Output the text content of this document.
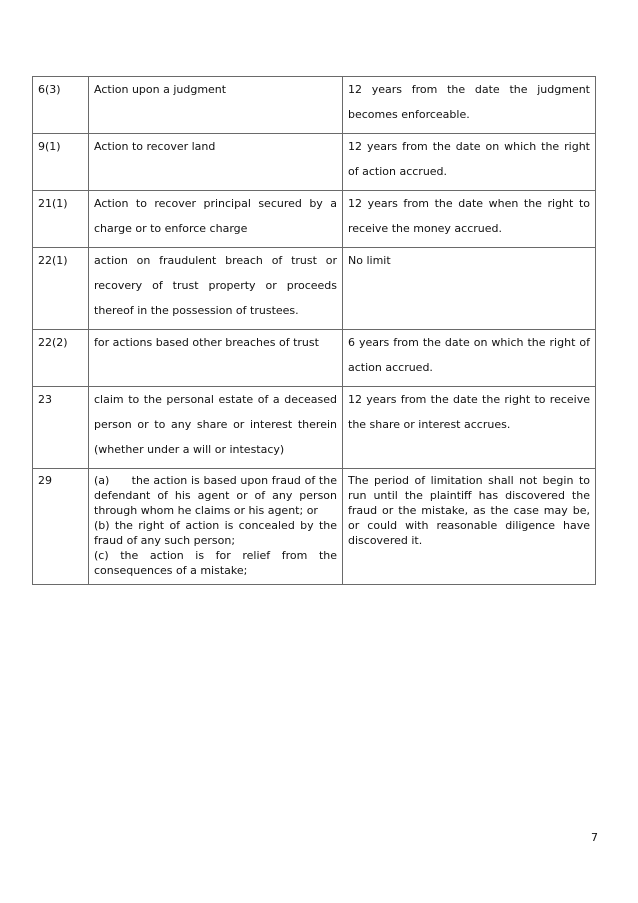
6(3)	Action upon a judgment	12 years from the date the judgment becomes enforceable.
9(1)	Action to recover land	12 years from the date on which the right of action accrued.
21(1)	Action to recover principal secured by a charge or to enforce charge	12 years from the date when the right to receive the money accrued.
22(1)	action on fraudulent breach of trust or recovery of trust property or proceeds thereof in the possession of trustees.	No limit
22(2)	for actions based other breaches of trust	6 years from the date on which the right of action accrued.
23	claim to the personal estate of a deceased person or to any share or interest therein (whether under a will or intestacy)	12 years from the date the right to receive the share or interest accrues.
29	(a)      the action is based upon fraud of the defendant of his agent or of any person through whom he claims or his agent; or
(b) the right of action is concealed by the fraud of any such person;
(c) the action is for relief from the consequences of a mistake;	The period of limitation shall not begin to run until the plaintiff has discovered the fraud or the mistake, as the case may be, or could with reasonable diligence have discovered it.
7
